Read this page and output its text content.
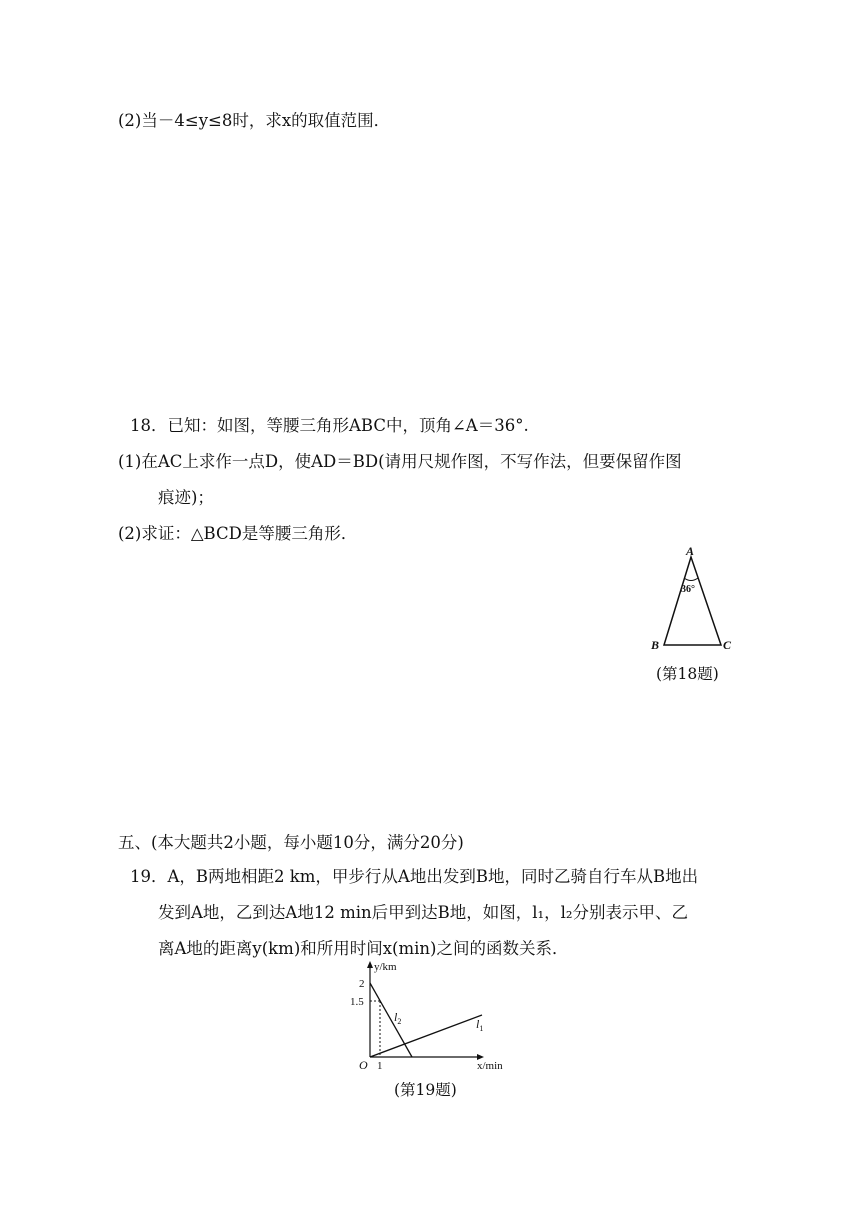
(2)当－4≤y≤8时，求x的取值范围．
18．已知：如图，等腰三角形ABC中，顶角∠A＝36°.
(1)在AC上求作一点D，使AD＝BD(请用尺规作图，不写作法，但要保留作图
痕迹)；
(2)求证：△BCD是等腰三角形．
A
36°
B	C
(第18题)
五、(本大题共2小题，每小题10分，满分20分)
19．A，B两地相距2 km，甲步行从A地出发到B地，同时乙骑自行车从B地出
发到A地，乙到达A地12 min后甲到达B地，如图，l₁，l₂分别表示甲、乙
离A地的距离y(km)和所用时间x(min)之间的函数关系．
y/km
2
1.5
O 1	x/min
$l_2$	$l_1$
(第19题)
